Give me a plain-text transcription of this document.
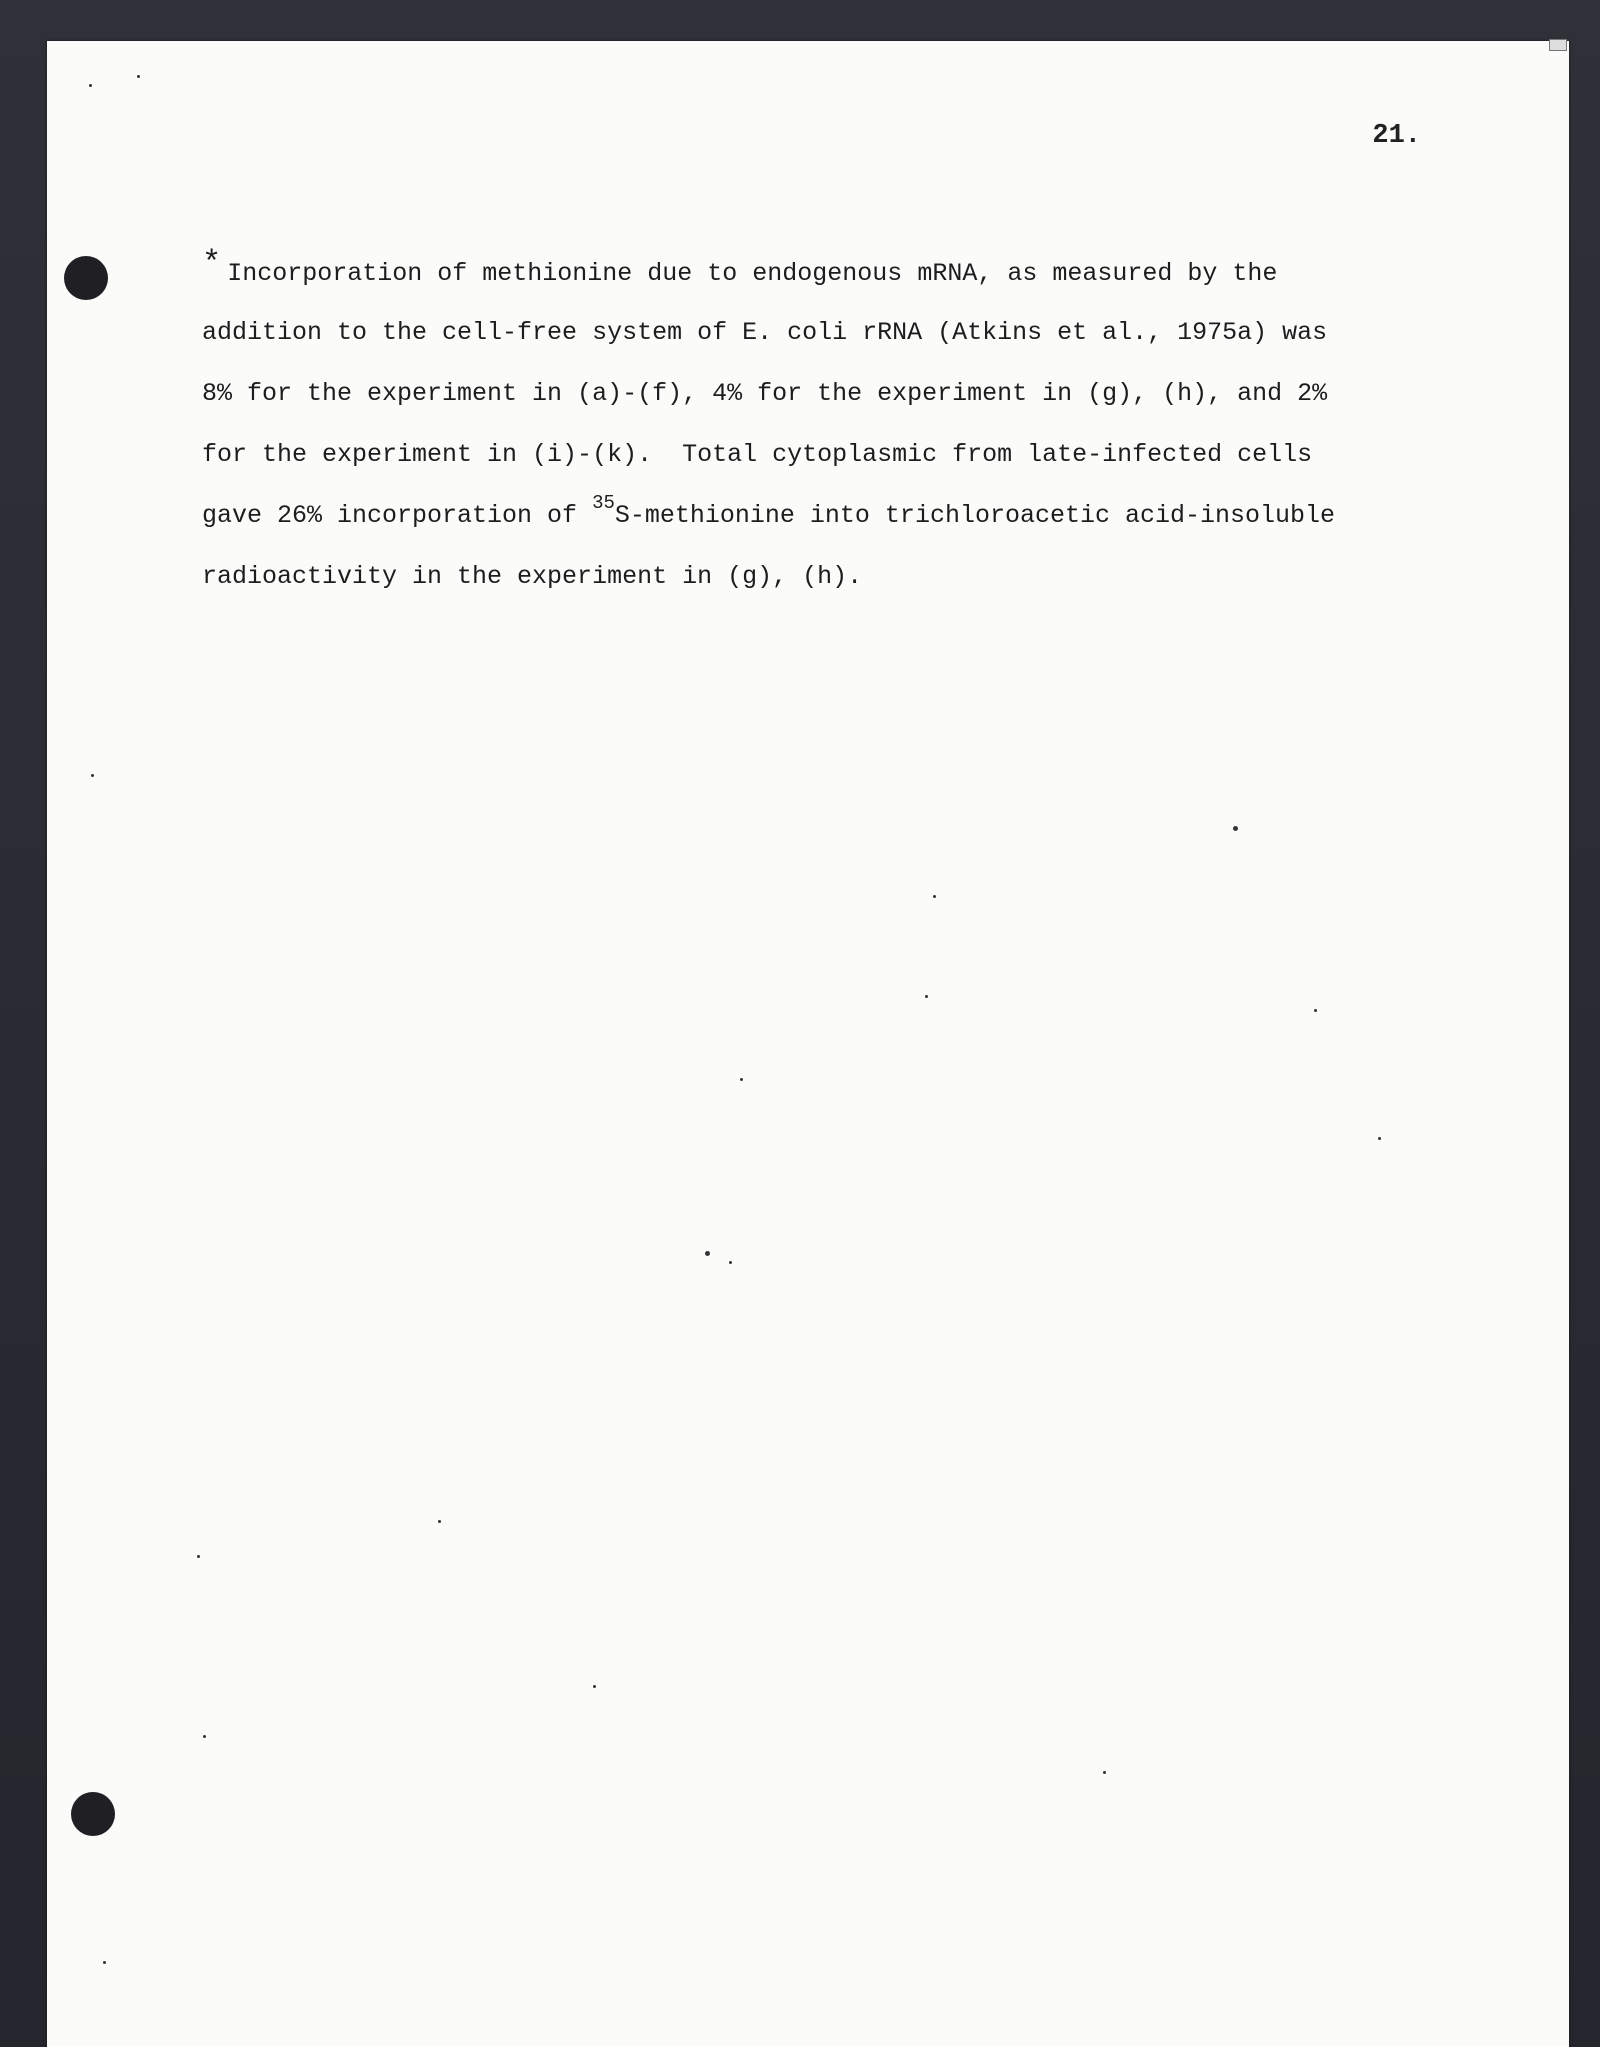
21.
* Incorporation of methionine due to endogenous mRNA, as measured by the
addition to the cell-free system of E. coli rRNA (Atkins et al., 1975a) was
8% for the experiment in (a)-(f), 4% for the experiment in (g), (h), and 2%
for the experiment in (i)-(k).  Total cytoplasmic from late-infected cells
gave 26% incorporation of $^{35}$S-methionine into trichloroacetic acid-insoluble
radioactivity in the experiment in (g), (h).
